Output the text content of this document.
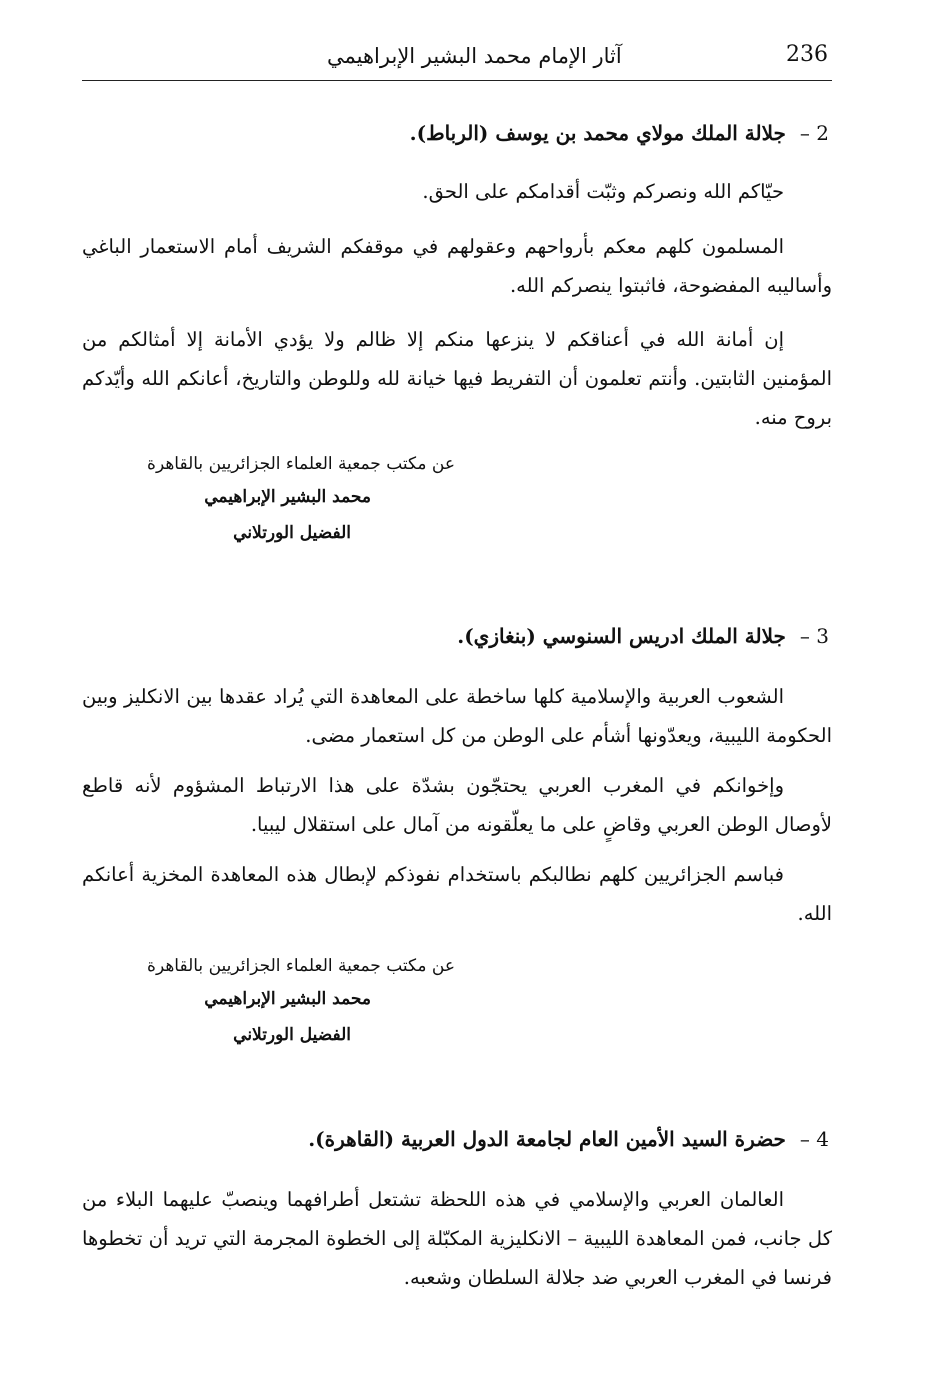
236
آثار الإمام محمد البشير الإبراهيمي
2 –جلالة الملك مولاي محمد بن يوسف (الرباط).

حيّاكم الله ونصركم وثبّت أقدامكم على الحق.

المسلمون كلهم معكم بأرواحهم وعقولهم في موقفكم الشريف أمام الاستعمار الباغي وأساليبه المفضوحة، فاثبتوا ينصركم الله.

إن أمانة الله في أعناقكم لا ينزعها منكم إلا ظالم ولا يؤدي الأمانة إلا أمثالكم من المؤمنين الثابتين. وأنتم تعلمون أن التفريط فيها خيانة لله وللوطن والتاريخ، أعانكم الله وأيّدكم بروح منه.

عن مكتب جمعية العلماء الجزائريين بالقاهرة
محمد البشير الإبراهيمي
الفضيل الورتلاني
3 –جلالة الملك ادريس السنوسي (بنغازي).

الشعوب العربية والإسلامية كلها ساخطة على المعاهدة التي يُراد عقدها بين الانكليز وبين الحكومة الليبية، ويعدّونها أشأم على الوطن من كل استعمار مضى.

وإخوانكم في المغرب العربي يحتجّون بشدّة على هذا الارتباط المشؤوم لأنه قاطع لأوصال الوطن العربي وقاضٍ على ما يعلّقونه من آمال على استقلال ليبيا.

فباسم الجزائريين كلهم نطالبكم باستخدام نفوذكم لإبطال هذه المعاهدة المخزية أعانكم الله.

عن مكتب جمعية العلماء الجزائريين بالقاهرة
محمد البشير الإبراهيمي
الفضيل الورتلاني
4 –حضرة السيد الأمين العام لجامعة الدول العربية (القاهرة).

العالمان العربي والإسلامي في هذه اللحظة تشتعل أطرافهما وينصبّ عليهما البلاء من كل جانب، فمن المعاهدة الليبية – الانكليزية المكبّلة إلى الخطوة المجرمة التي تريد أن تخطوها فرنسا في المغرب العربي ضد جلالة السلطان وشعبه.
